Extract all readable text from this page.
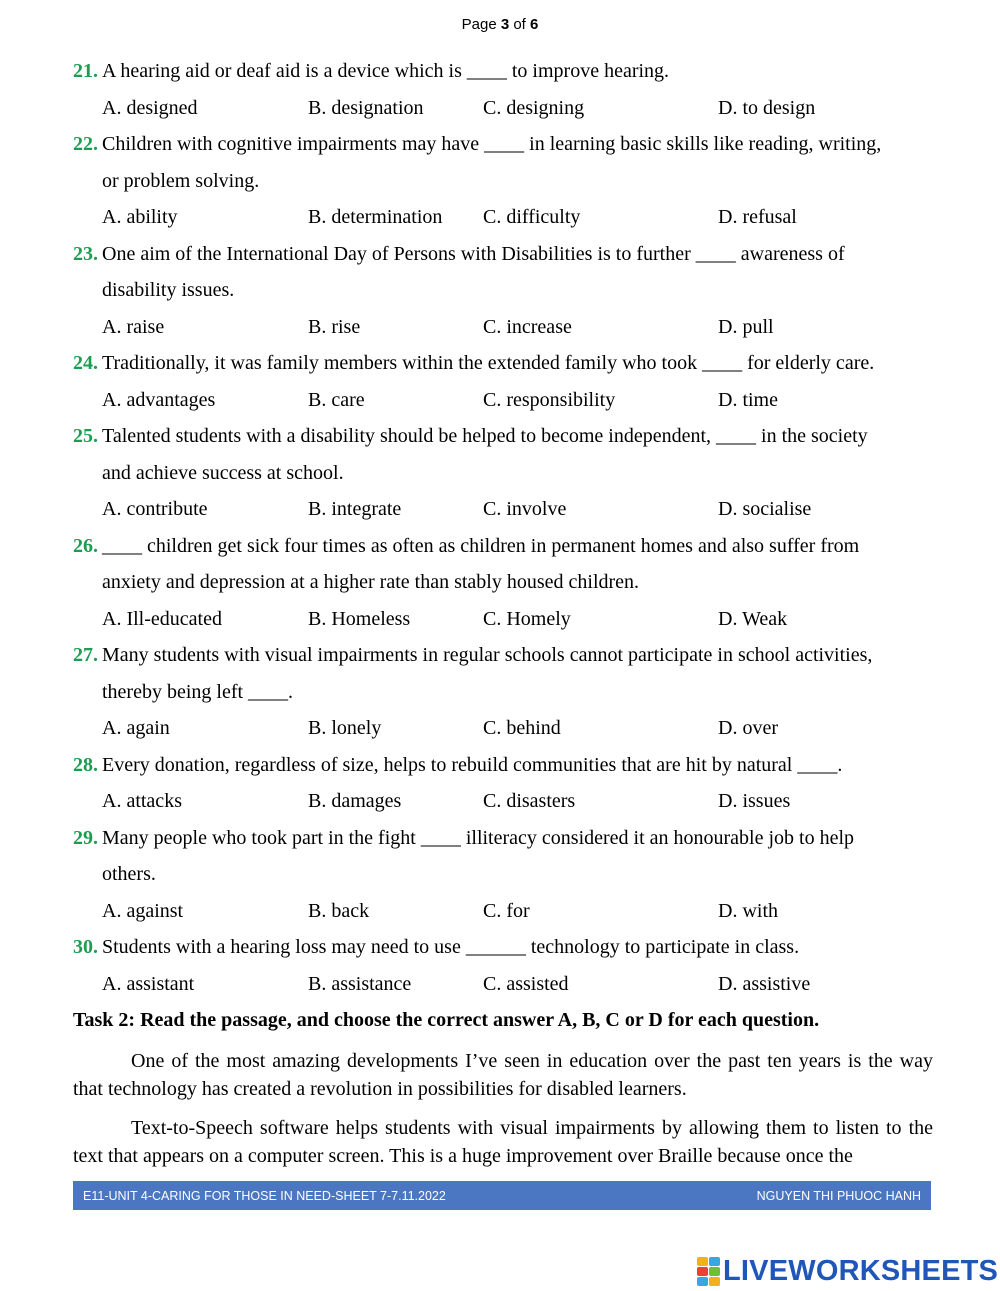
Page 3 of 6
21. A hearing aid or deaf aid is a device which is ____ to improve hearing.
A. designed	B. designation	C. designing	D. to design
22. Children with cognitive impairments may have ____ in learning basic skills like reading, writing,
or problem solving.
A. ability	B. determination C. difficulty	D. refusal
23. One aim of the International Day of Persons with Disabilities is to further ____ awareness of
disability issues.
A. raise	B. rise	C. increase	D. pull
24. Traditionally, it was family members within the extended family who took ____ for elderly care.
A. advantages	B. care	C. responsibility	D. time
25. Talented students with a disability should be helped to become independent, ____ in the society
and achieve success at school.
A. contribute	B. integrate	C. involve	D. socialise
26. ____ children get sick four times as often as children in permanent homes and also suffer from
anxiety and depression at a higher rate than stably housed children.
A. Ill-educated	B. Homeless	C. Homely	D. Weak
27. Many students with visual impairments in regular schools cannot participate in school activities,
thereby being left ____.
A. again	B. lonely	C. behind	D. over
28. Every donation, regardless of size, helps to rebuild communities that are hit by natural ____.
A. attacks	B. damages	C. disasters	D. issues
29. Many people who took part in the fight ____ illiteracy considered it an honourable job to help
others.
A. against	B. back	C. for	D. with
30. Students with a hearing loss may need to use ______ technology to participate in class.
A. assistant	B. assistance	C. assisted	D. assistive
Task 2: Read the passage, and choose the correct answer A, B, C or D for each question.

One of the most amazing developments I’ve seen in education over the past ten years is the way that technology has created a revolution in possibilities for disabled learners.

Text-to-Speech software helps students with visual impairments by allowing them to listen to the text that appears on a computer screen. This is a huge improvement over Braille because once the

E11-UNIT 4-CARING FOR THOSE IN NEED-SHEET 7-7.11.2022	NGUYEN THI PHUOC HANH
LIVEWORKSHEETS
